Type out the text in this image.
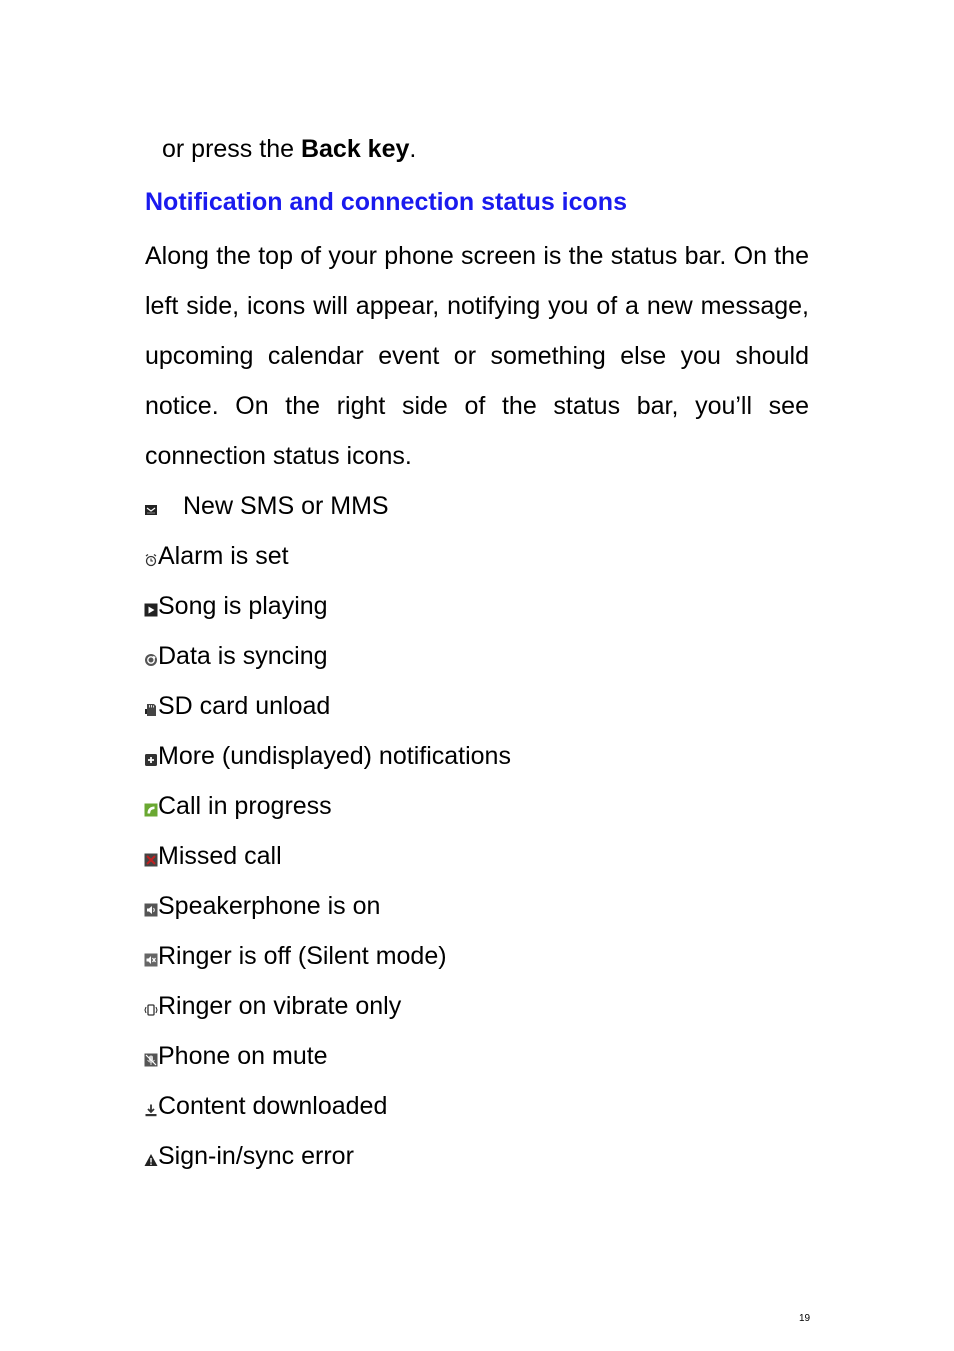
or press the Back key.
Notification and connection status icons
Along the top of your phone screen is the status bar. On the left side, icons will appear, notifying you of a new message, upcoming calendar event or something else you should notice. On the right side of the status bar, you’ll see connection status icons.
New SMS or MMS
Alarm is set
Song is playing
Data is syncing
SD card unload
More (undisplayed) notifications
Call in progress
Missed call
Speakerphone is on
Ringer is off (Silent mode)
Ringer on vibrate only
Phone on mute
Content downloaded
Sign-in/sync error
19
